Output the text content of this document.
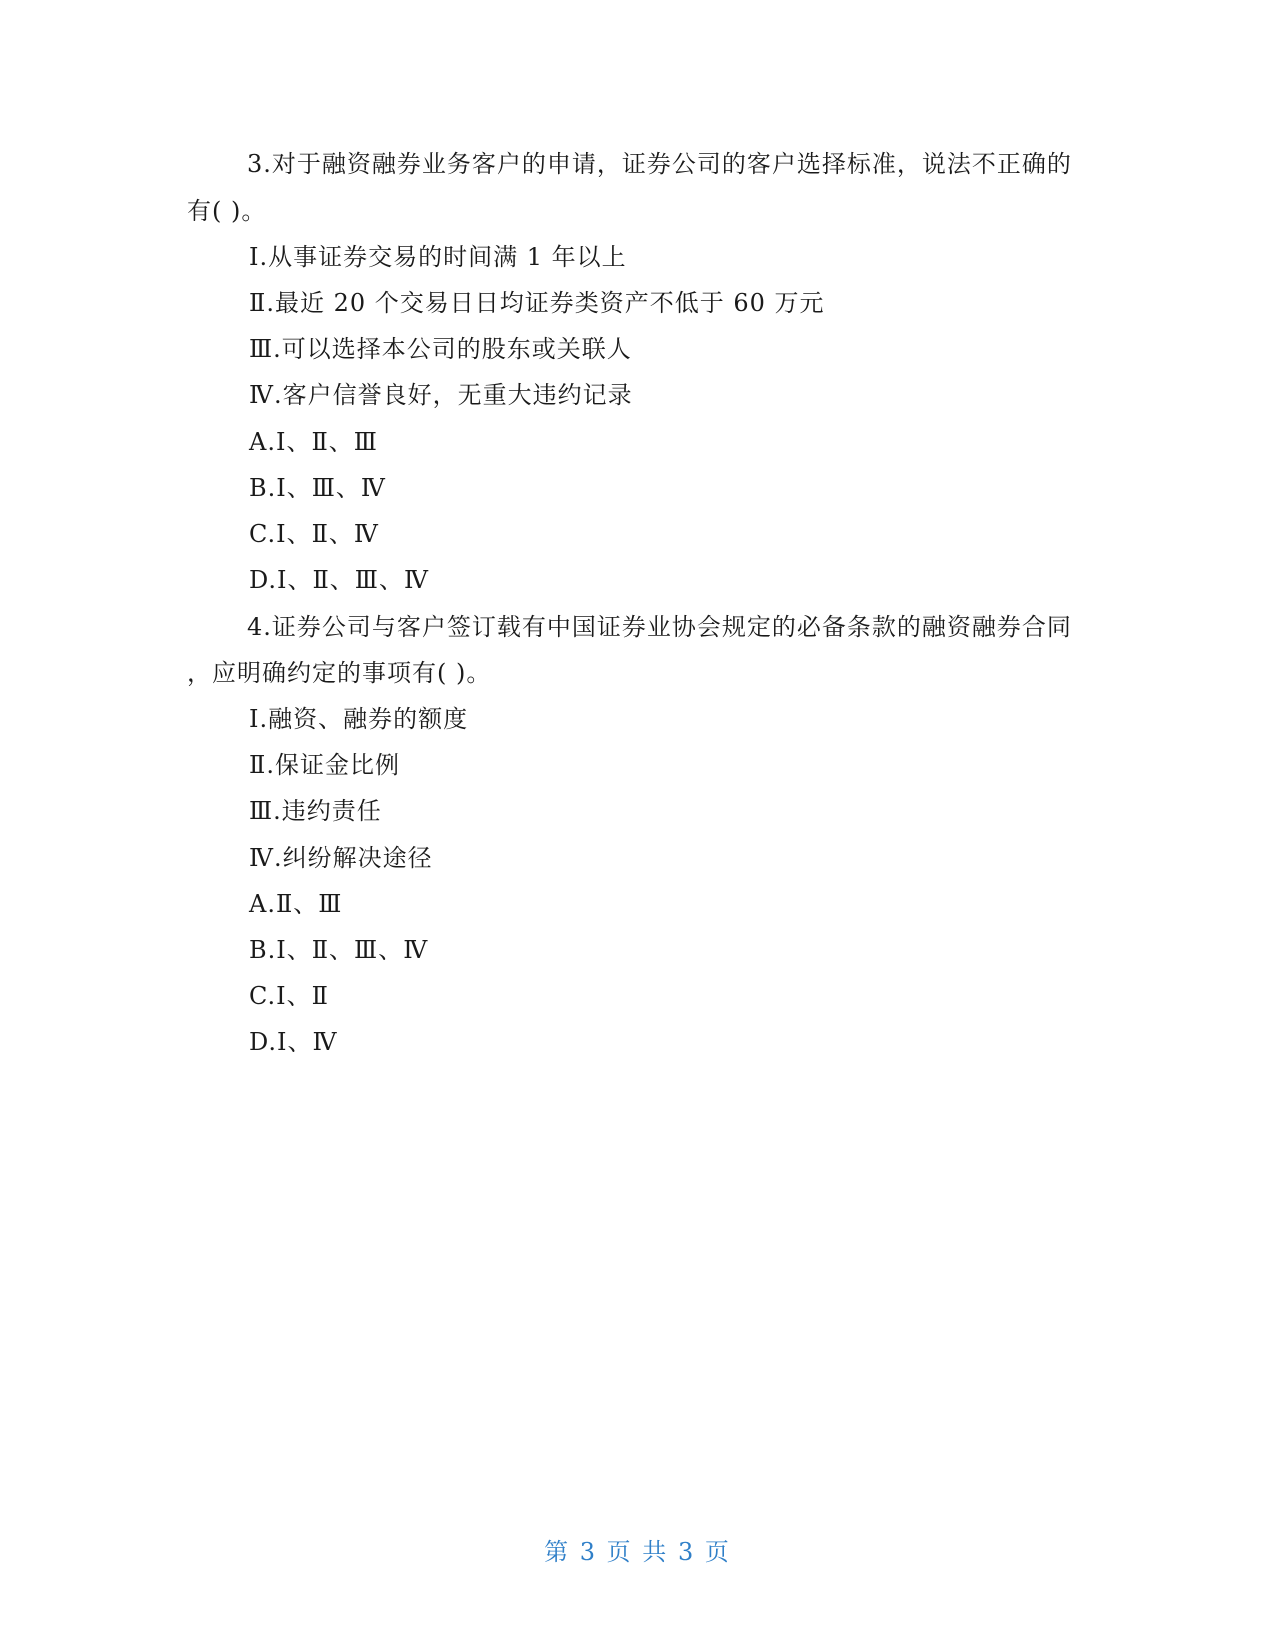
3.对于融资融券业务客户的申请，证券公司的客户选择标准，说法不正确的
有( )。
Ⅰ.从事证券交易的时间满 1 年以上
Ⅱ.最近 20 个交易日日均证券类资产不低于 60 万元
Ⅲ.可以选择本公司的股东或关联人
Ⅳ.客户信誉良好，无重大违约记录
A.Ⅰ、Ⅱ、Ⅲ
B.Ⅰ、Ⅲ、Ⅳ
C.Ⅰ、Ⅱ、Ⅳ
D.Ⅰ、Ⅱ、Ⅲ、Ⅳ
4.证券公司与客户签订载有中国证券业协会规定的必备条款的融资融券合同
，应明确约定的事项有( )。
Ⅰ.融资、融券的额度
Ⅱ.保证金比例
Ⅲ.违约责任
Ⅳ.纠纷解决途径
A.Ⅱ、Ⅲ
B.Ⅰ、Ⅱ、Ⅲ、Ⅳ
C.Ⅰ、Ⅱ
D.Ⅰ、Ⅳ
第 3 页 共 3 页
